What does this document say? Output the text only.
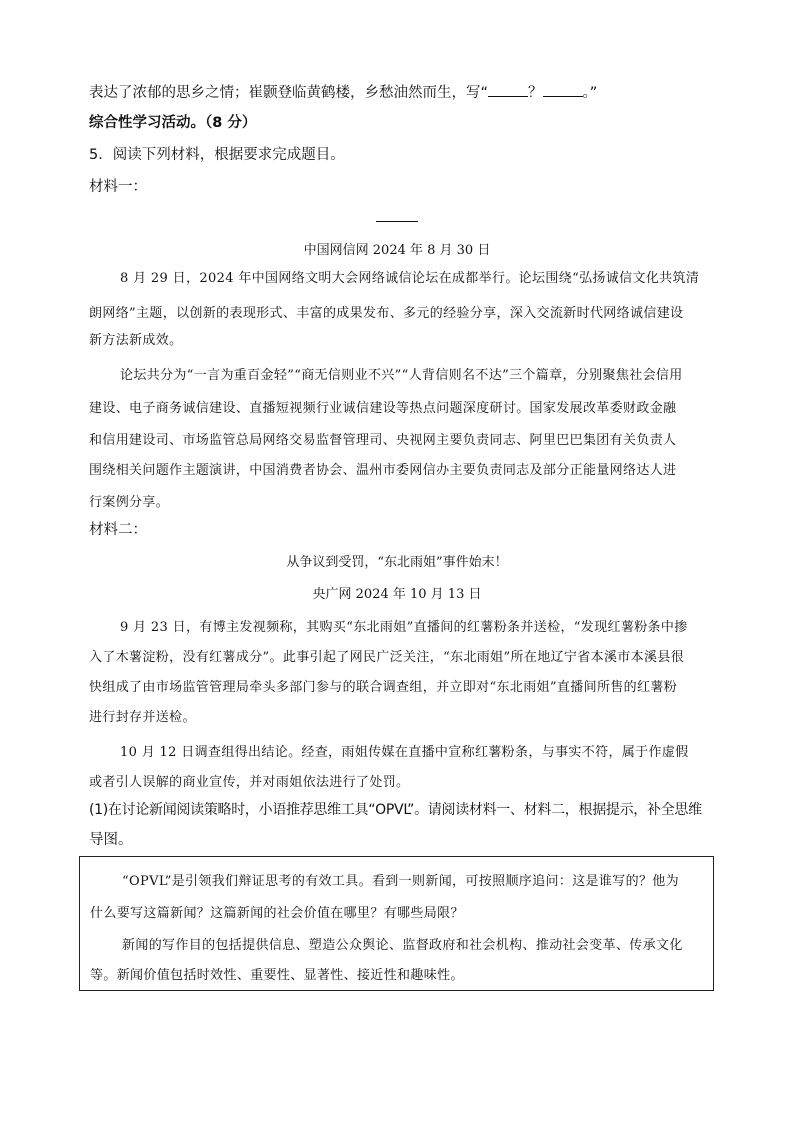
表达了浓郁的思乡之情；崔颢登临黄鹤楼，乡愁油然而生，写“	？	。”
综合性学习活动。（8 分）
5．阅读下列材料，根据要求完成题目。
材料一：
中国网信网 2024 年 8 月 30 日
8 月 29 日，2024 年中国网络文明大会网络诚信论坛在成都举行。论坛围绕“弘扬诚信文化共筑清
朗网络”主题，以创新的表现形式、丰富的成果发布、多元的经验分享，深入交流新时代网络诚信建设
新方法新成效。
论坛共分为“一言为重百金轻”“商无信则业不兴”“人背信则名不达”三个篇章，分别聚焦社会信用
建设、电子商务诚信建设、直播短视频行业诚信建设等热点问题深度研讨。国家发展改革委财政金融
和信用建设司、市场监管总局网络交易监督管理司、央视网主要负责同志、阿里巴巴集团有关负责人
围绕相关问题作主题演讲，中国消费者协会、温州市委网信办主要负责同志及部分正能量网络达人进
行案例分享。
材料二：
从争议到受罚，“东北雨姐”事件始末！
央广网 2024 年 10 月 13 日
9 月 23 日，有博主发视频称，其购买“东北雨姐”直播间的红薯粉条并送检，“发现红薯粉条中掺
入了木薯淀粉，没有红薯成分”。此事引起了网民广泛关注，“东北雨姐”所在地辽宁省本溪市本溪县很
快组成了由市场监管管理局牵头多部门参与的联合调查组，并立即对“东北雨姐”直播间所售的红薯粉
进行封存并送检。
10 月 12 日调查组得出结论。经查，雨姐传媒在直播中宣称红薯粉条，与事实不符，属于作虚假
或者引人误解的商业宣传，并对雨姐依法进行了处罚。
(1)在讨论新闻阅读策略时，小语推荐思维工具“OPVL”。请阅读材料一、材料二，根据提示，补全思维
导图。
“OPVL”是引领我们辩证思考的有效工具。看到一则新闻，可按照顺序追问：这是谁写的？他为
什么要写这篇新闻？这篇新闻的社会价值在哪里？有哪些局限？
新闻的写作目的包括提供信息、塑造公众舆论、监督政府和社会机构、推动社会变革、传承文化
等。新闻价值包括时效性、重要性、显著性、接近性和趣味性。
